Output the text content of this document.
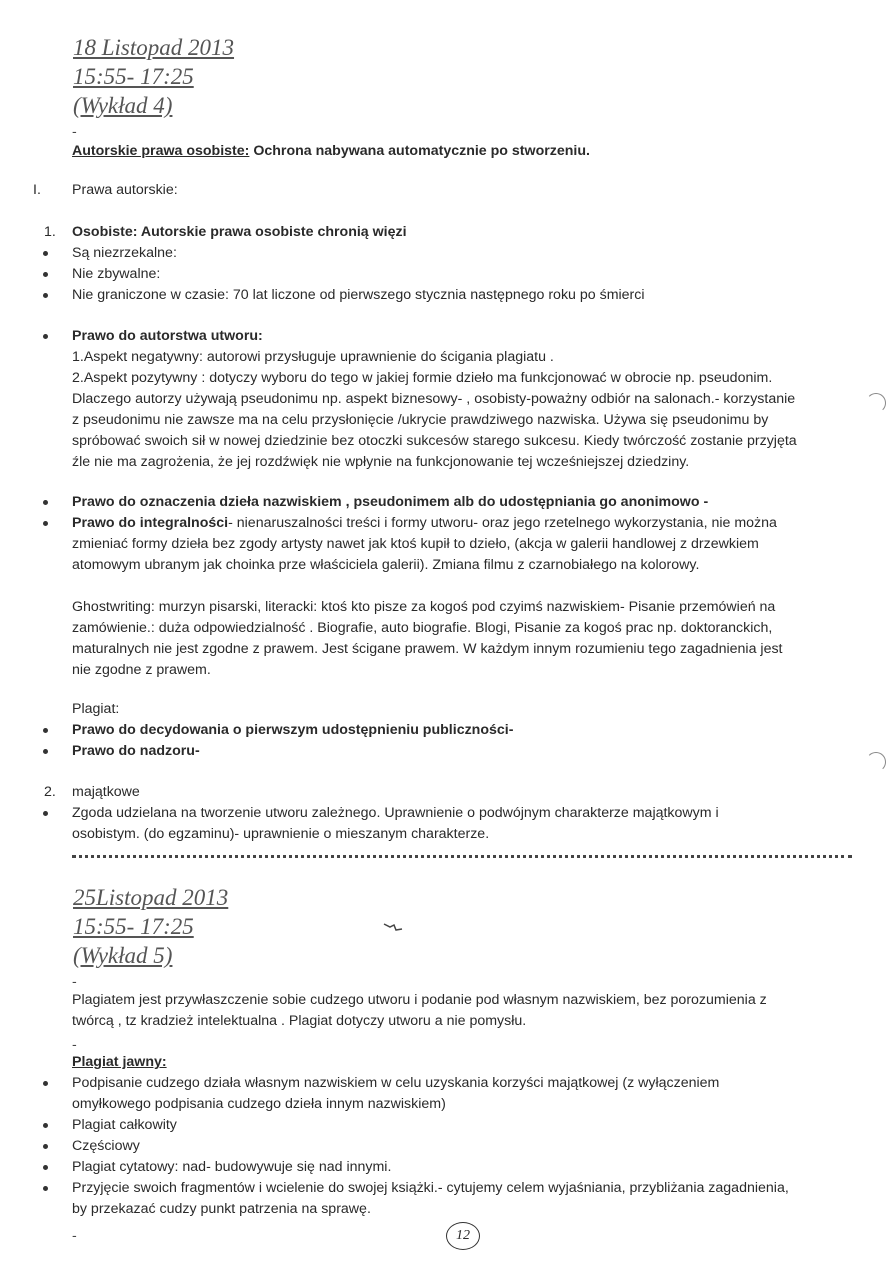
18 Listopad 2013
15:55- 17:25
(Wykład 4)
-
Autorskie prawa osobiste: Ochrona nabywana automatycznie po stworzeniu.
I. Prawa autorskie:
1. Osobiste: Autorskie prawa osobiste chronią więzi
Są niezrzekalne:
Nie zbywalne:
Nie graniczone w czasie: 70 lat liczone od pierwszego stycznia następnego roku po śmierci
Prawo do autorstwa utworu:
1.Aspekt negatywny: autorowi przysługuje uprawnienie do ścigania plagiatu .
2.Aspekt pozytywny : dotyczy wyboru do tego w jakiej formie dzieło ma funkcjonować w obrocie np. pseudonim.
Dlaczego autorzy używają pseudonimu np. aspekt biznesowy- , osobisty-poważny odbiór na salonach.- korzystanie
z pseudonimu nie zawsze ma na celu przysłonięcie /ukrycie prawdziwego nazwiska. Używa się pseudonimu by
spróbować swoich sił w nowej dziedzinie bez otoczki sukcesów starego sukcesu. Kiedy twórczość zostanie przyjęta
źle nie ma zagrożenia, że jej rozdźwięk nie wpłynie na funkcjonowanie tej wcześniejszej dziedziny.
Prawo do oznaczenia dzieła nazwiskiem , pseudonimem alb do udostępniania go anonimowo -
Prawo do integralności- nienaruszalności treści i formy utworu- oraz jego rzetelnego wykorzystania, nie można
zmieniać formy dzieła bez zgody artysty nawet jak ktoś kupił to dzieło, (akcja w galerii handlowej z drzewkiem
atomowym ubranym jak choinka prze właściciela galerii). Zmiana filmu z czarnobiałego na kolorowy.
Ghostwriting: murzyn pisarski, literacki: ktoś kto pisze za kogoś pod czyimś nazwiskiem- Pisanie przemówień na
zamówienie.: duża odpowiedzialność . Biografie, auto biografie. Blogi, Pisanie za kogoś prac np. doktoranckich,
maturalnych nie jest zgodne z prawem. Jest ścigane prawem. W każdym innym rozumieniu tego zagadnienia jest
nie zgodne z prawem.
Plagiat:
Prawo do decydowania o pierwszym udostępnieniu publiczności-
Prawo do nadzoru-
2. majątkowe
Zgoda udzielana na tworzenie utworu zależnego. Uprawnienie o podwójnym charakterze majątkowym i
osobistym. (do egzaminu)- uprawnienie o mieszanym charakterze.
25Listopad 2013
15:55- 17:25
(Wykład 5)
-
Plagiatem jest przywłaszczenie sobie cudzego utworu i podanie pod własnym nazwiskiem, bez porozumienia z
twórcą , tz kradzież intelektualna . Plagiat dotyczy utworu a nie pomysłu.
-
Plagiat jawny:
Podpisanie cudzego działa własnym nazwiskiem w celu uzyskania korzyści majątkowej (z wyłączeniem
omyłkowego podpisania cudzego dzieła innym nazwiskiem)
Plagiat całkowity
Częściowy
Plagiat cytatowy: nad- budowywuje się nad innymi.
Przyjęcie swoich fragmentów i wcielenie do swojej książki.- cytujemy celem wyjaśniania, przybliżania zagadnienia,
by przekazać cudzy punkt patrzenia na sprawę.
-	12
